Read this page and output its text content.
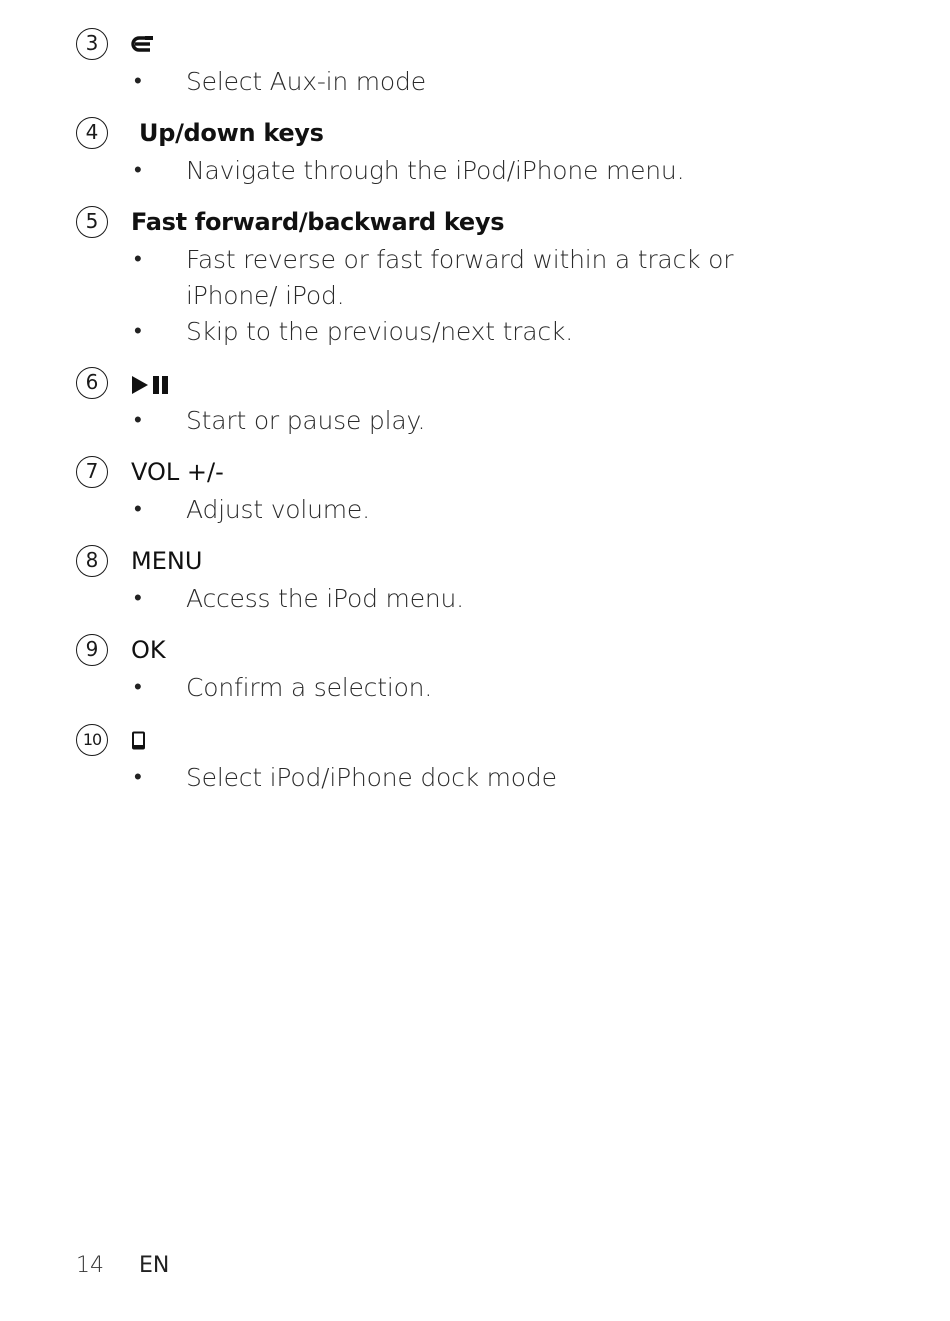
3
• Select Aux-in mode
4	Up/down keys
• Navigate through the iPod/iPhone menu.
5	Fast forward/backward keys
• Fast reverse or fast forward within a track or iPhone/ iPod.
• Skip to the previous/next track.
6
• Start or pause play.
7	VOL +/-
• Adjust volume.
8	MENU
• Access the iPod menu.
9	OK
• Confirm a selection.
10
• Select iPod/iPhone dock mode
14 EN
